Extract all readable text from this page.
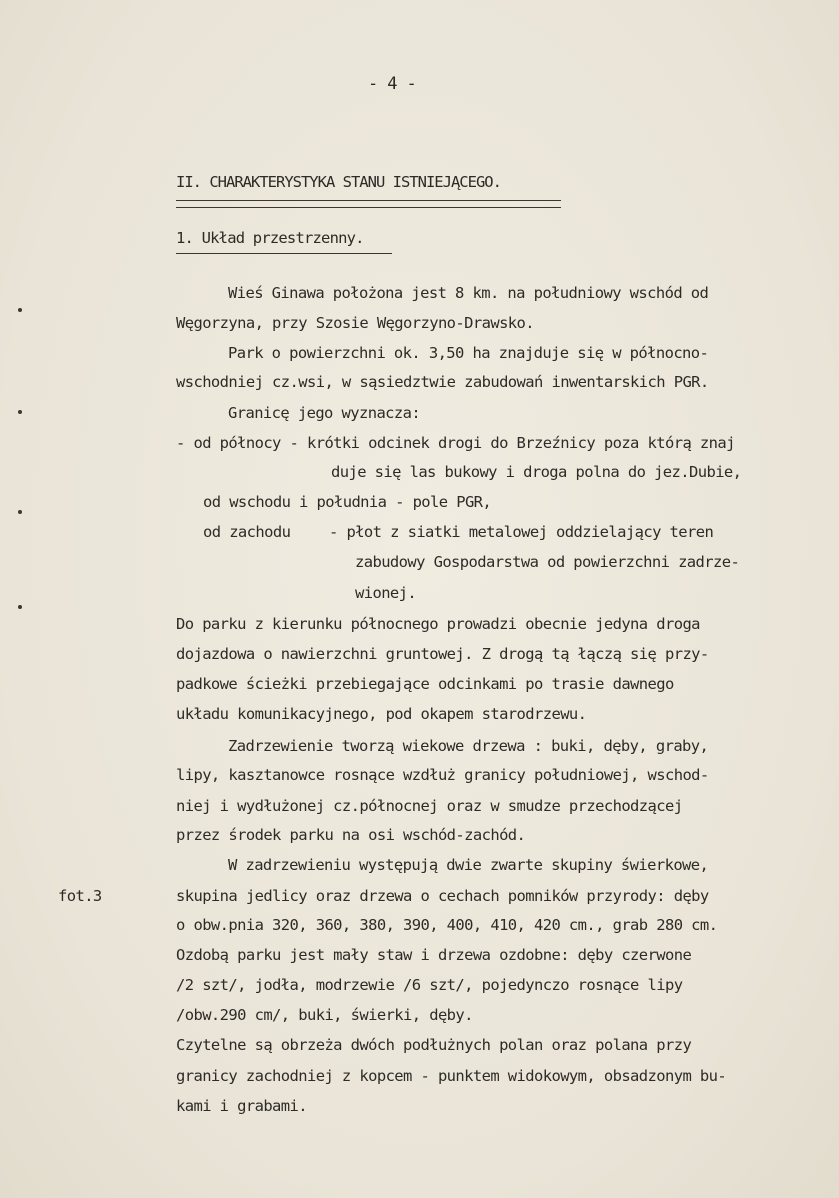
- 4 -
II. CHARAKTERYSTYKA STANU ISTNIEJĄCEGO.
1. Układ przestrzenny.
Wieś Ginawa położona jest 8 km. na południowy wschód od
Węgorzyna, przy Szosie Węgorzyno-Drawsko.
Park o powierzchni ok. 3,50 ha znajduje się w północno-
wschodniej cz.wsi, w sąsiedztwie zabudowań inwentarskich PGR.
Granicę jego wyznacza:
- od północy - krótki odcinek drogi do Brzeźnicy poza którą znaj
duje się las bukowy i droga polna do jez.Dubie,
od wschodu i południa - pole PGR,
od zachodu - płot z siatki metalowej oddzielający teren
zabudowy Gospodarstwa od powierzchni zadrze-
wionej.
Do parku z kierunku północnego prowadzi obecnie jedyna droga
dojazdowa o nawierzchni gruntowej. Z drogą tą łączą się przy-
padkowe ścieżki przebiegające odcinkami po trasie dawnego
układu komunikacyjnego, pod okapem starodrzewu.
Zadrzewienie tworzą wiekowe drzewa : buki, dęby, graby,
lipy, kasztanowce rosnące wzdłuż granicy południowej, wschod-
niej i wydłużonej cz.północnej oraz w smudze przechodzącej
przez środek parku na osi wschód-zachód.
W zadrzewieniu występują dwie zwarte skupiny świerkowe,
fot.3	skupina jedlicy oraz drzewa o cechach pomników przyrody: dęby
o obw.pnia 320, 360, 380, 390, 400, 410, 420 cm., grab 280 cm.
Ozdobą parku jest mały staw i drzewa ozdobne: dęby czerwone
/2 szt/, jodła, modrzewie /6 szt/, pojedynczo rosnące lipy
/obw.290 cm/, buki, świerki, dęby.
Czytelne są obrzeża dwóch podłużnych polan oraz polana przy
granicy zachodniej z kopcem - punktem widokowym, obsadzonym bu-
kami i grabami.
